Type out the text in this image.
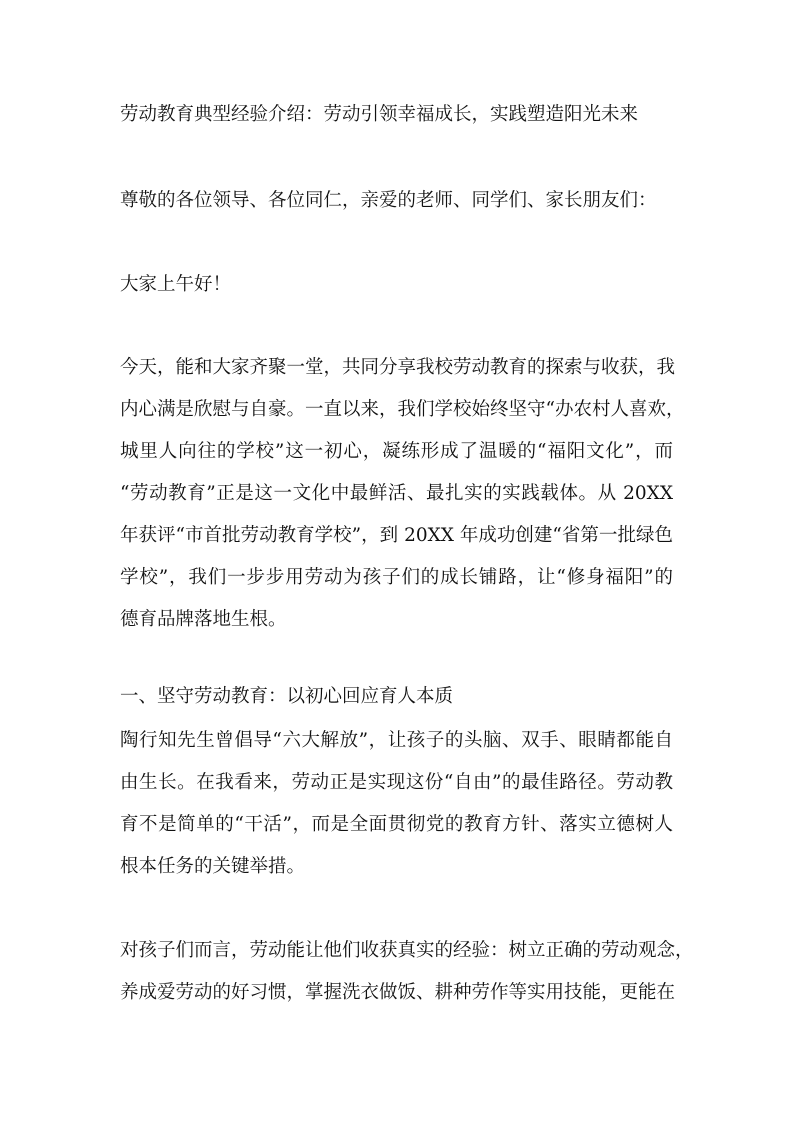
劳动教育典型经验介绍：劳动引领幸福成长，实践塑造阳光未来
尊敬的各位领导、各位同仁，亲爱的老师、同学们、家长朋友们：
大家上午好！
今天，能和大家齐聚一堂，共同分享我校劳动教育的探索与收获，我
内心满是欣慰与自豪。一直以来，我们学校始终坚守“办农村人喜欢，
城里人向往的学校”这一初心，凝练形成了温暖的“福阳文化”，而
“劳动教育”正是这一文化中最鲜活、最扎实的实践载体。从 20XX
年获评“市首批劳动教育学校”，到 20XX 年成功创建“省第一批绿色
学校”，我们一步步用劳动为孩子们的成长铺路，让“修身福阳”的
德育品牌落地生根。
一、坚守劳动教育：以初心回应育人本质
陶行知先生曾倡导“六大解放”，让孩子的头脑、双手、眼睛都能自
由生长。在我看来，劳动正是实现这份“自由”的最佳路径。劳动教
育不是简单的“干活”，而是全面贯彻党的教育方针、落实立德树人
根本任务的关键举措。
对孩子们而言，劳动能让他们收获真实的经验：树立正确的劳动观念，
养成爱劳动的好习惯，掌握洗衣做饭、耕种劳作等实用技能，更能在
